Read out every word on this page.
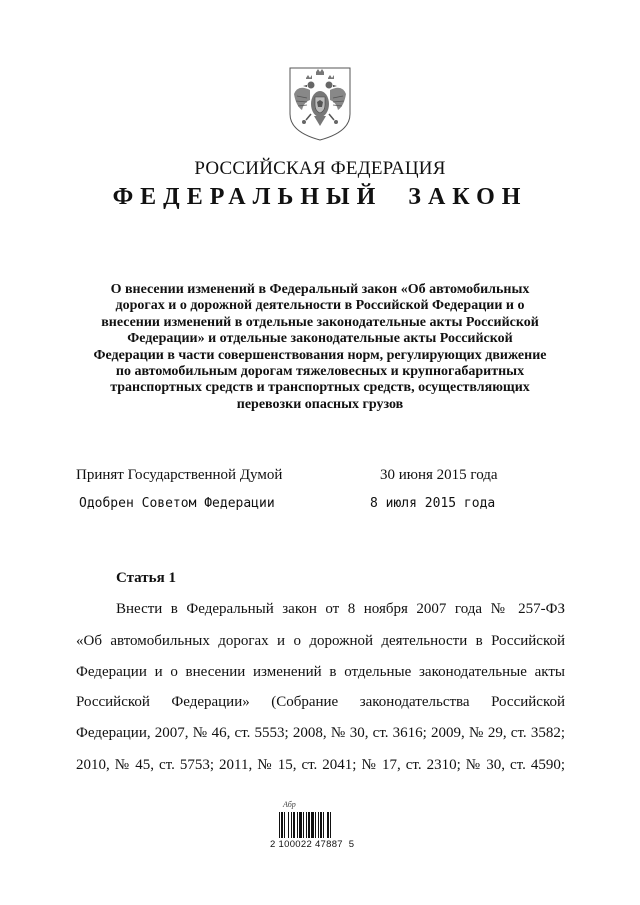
РОССИЙСКАЯ ФЕДЕРАЦИЯ
ФЕДЕРАЛЬНЫЙ  ЗАКОН
О внесении изменений в Федеральный закон «Об автомобильных
дорогах и о дорожной деятельности в Российской Федерации и о
внесении изменений в отдельные законодательные акты Российской
Федерации» и отдельные законодательные акты Российской
Федерации в части совершенствования норм, регулирующих движение
по автомобильным дорогам тяжеловесных и крупногабаритных
транспортных средств и транспортных средств, осуществляющих
перевозки опасных грузов
Принят Государственной Думой	30 июня 2015 года
Одобрен Советом Федерации	8 июля 2015 года
Статья 1
Внести в Федеральный закон от 8 ноября 2007 года № 257-ФЗ
«Об автомобильных дорогах и о дорожной деятельности в Российской
Федерации и о внесении изменений в отдельные законодательные акты
Российской Федерации» (Собрание законодательства Российской
Федерации, 2007, № 46, ст. 5553; 2008, № 30, ст. 3616; 2009, № 29, ст. 3582;
2010, № 45, ст. 5753; 2011, № 15, ст. 2041; № 17, ст. 2310; № 30, ст. 4590;
Абр
2 100022 47887  5
